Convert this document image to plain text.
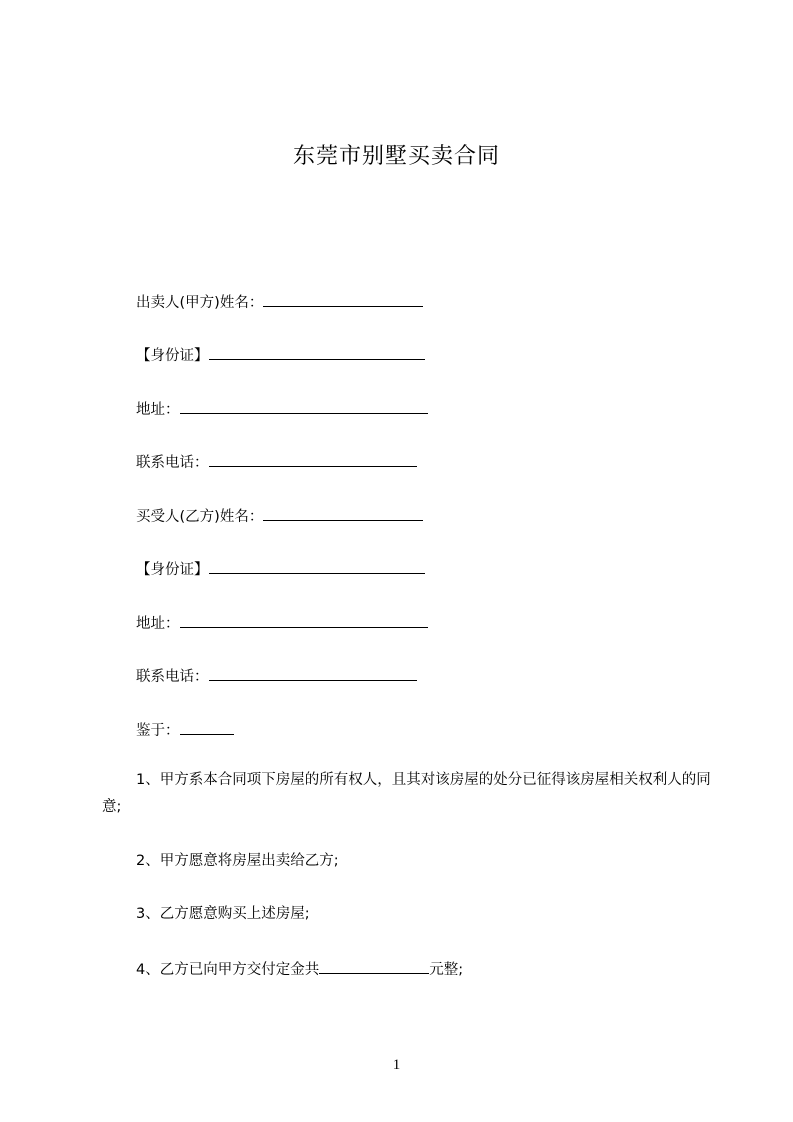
东莞市别墅买卖合同
出卖人(甲方)姓名：
【身份证】
地址：
联系电话：
买受人(乙方)姓名：
【身份证】
地址：
联系电话：
鉴于：
1、甲方系本合同项下房屋的所有权人，且其对该房屋的处分已征得该房屋相关权利人的同意;
2、甲方愿意将房屋出卖给乙方;
3、乙方愿意购买上述房屋;
4、乙方已向甲方交付定金共	元整;
1
